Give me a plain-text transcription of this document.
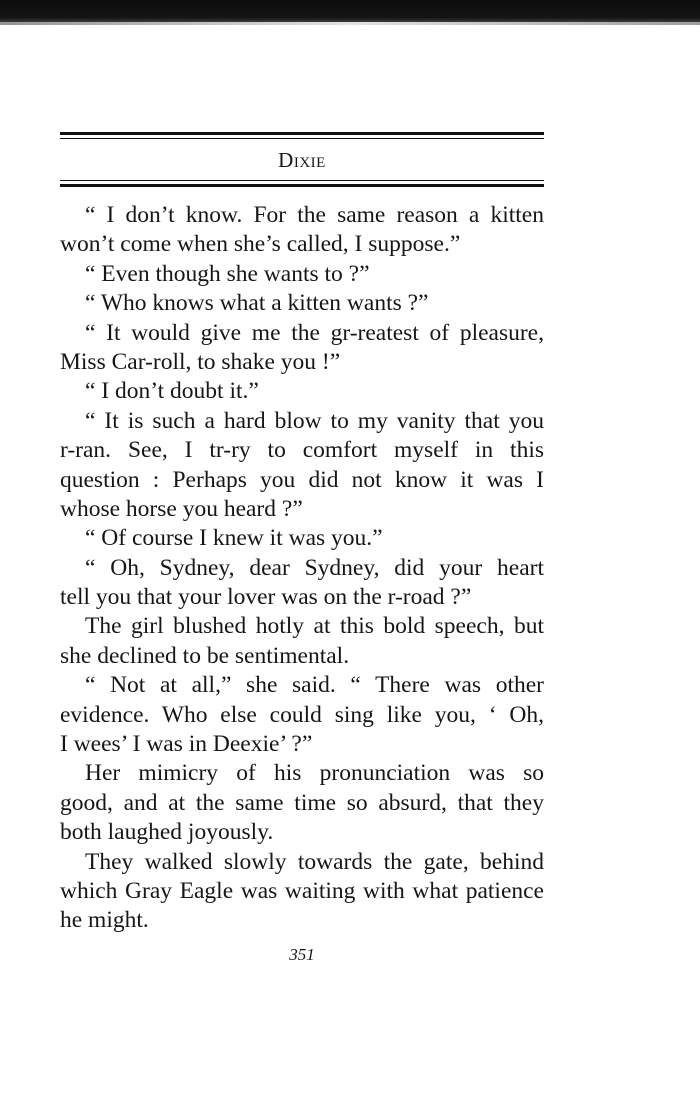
Dixie
“ I don’t know. For the same reason a kitten
won’t come when she’s called, I suppose.”
“ Even though she wants to ?”
“ Who knows what a kitten wants ?”
“ It would give me the gr-reatest of pleasure,
Miss Car-roll, to shake you !”
“ I don’t doubt it.”
“ It is such a hard blow to my vanity that you
r-ran. See, I tr-ry to comfort myself in this
question : Perhaps you did not know it was I
whose horse you heard ?”
“ Of course I knew it was you.”
“ Oh, Sydney, dear Sydney, did your heart
tell you that your lover was on the r-road ?”
The girl blushed hotly at this bold speech, but
she declined to be sentimental.
“ Not at all,” she said. “ There was other
evidence. Who else could sing like you, ‘ Oh,
I wees’ I was in Deexie’ ?”
Her mimicry of his pronunciation was so
good, and at the same time so absurd, that they
both laughed joyously.
They walked slowly towards the gate, behind
which Gray Eagle was waiting with what patience
he might.
351
